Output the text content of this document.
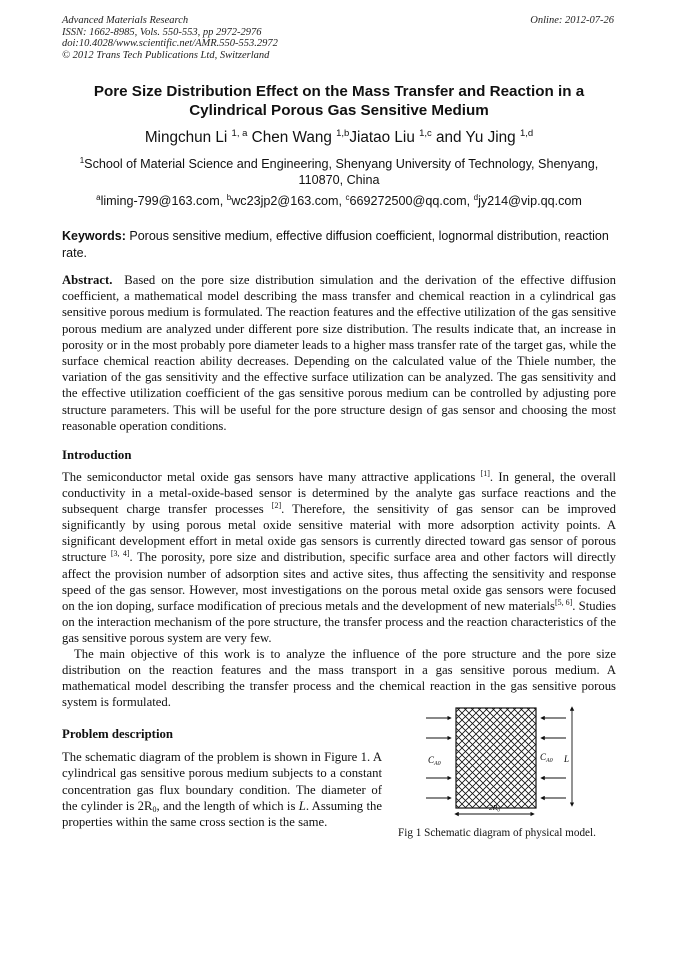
Advanced Materials Research
ISSN: 1662-8985, Vols. 550-553, pp 2972-2976
doi:10.4028/www.scientific.net/AMR.550-553.2972
© 2012 Trans Tech Publications Ltd, Switzerland
Online: 2012-07-26
Pore Size Distribution Effect on the Mass Transfer and Reaction in a Cylindrical Porous Gas Sensitive Medium
Mingchun Li $^{1, a}$ Chen Wang $^{1,b}$Jiatao Liu $^{1,c}$ and Yu Jing $^{1,d}$
$^1$School of Material Science and Engineering, Shenyang University of Technology, Shenyang, 110870, China
$^a$liming-799@163.com, $^b$wc23jp2@163.com, $^c$669272500@qq.com, $^d$jy214@vip.qq.com
Keywords: Porous sensitive medium, effective diffusion coefficient, lognormal distribution, reaction rate.
Abstract. Based on the pore size distribution simulation and the derivation of the effective diffusion coefficient, a mathematical model describing the mass transfer and chemical reaction in a cylindrical gas sensitive porous medium is formulated. The reaction features and the effective utilization of the gas sensitive porous medium are analyzed under different pore size distribution. The results indicate that, an increase in porosity or in the most probably pore diameter leads to a higher mass transfer rate of the target gas, while the surface chemical reaction ability decreases. Depending on the calculated value of the Thiele number, the variation of the gas sensitivity and the effective surface utilization can be analyzed. The gas sensitivity and the effective utilization coefficient of the gas sensitive porous medium can be controlled by adjusting pore structure parameters. This will be useful for the pore structure design of gas sensor and choosing the most reasonable operation conditions.
Introduction

The semiconductor metal oxide gas sensors have many attractive applications [1]. In general, the overall conductivity in a metal-oxide-based sensor is determined by the analyte gas surface reactions and the subsequent charge transfer processes [2]. Therefore, the sensitivity of gas sensor can be improved significantly by using porous metal oxide sensitive material with more adsorption activity points. A significant development effort in metal oxide gas sensors is currently directed toward gas sensor of porous structure [3, 4]. The porosity, pore size and distribution, specific surface area and other factors will directly affect the provision number of adsorption sites and active sites, thus affecting the sensitivity and response speed of the gas sensor. However, most investigations on the porous metal oxide gas sensors were focused on the ion doping, surface modification of precious metals and the development of new materials[5, 6]. Studies on the interaction mechanism of the pore structure, the transfer process and the reaction characteristics of the gas sensitive porous system are very few.

The main objective of this work is to analyze the influence of the pore structure and the pore size distribution on the reaction features and the mass transport in a gas sensitive porous medium. A mathematical model describing the transfer process and the chemical reaction in the gas sensitive porous system is formulated.

Problem description
The schematic diagram of the problem is shown in Figure 1. A cylindrical gas sensitive porous medium subjects to a constant concentration gas flux boundary condition. The diameter of the cylinder is $2R_0$, and the length of which is L. Assuming the properties within the same cross section is the same.
$C_{A0}$
$C_{A0}$ L
$2R_0$
Fig 1 Schematic diagram of physical model.
